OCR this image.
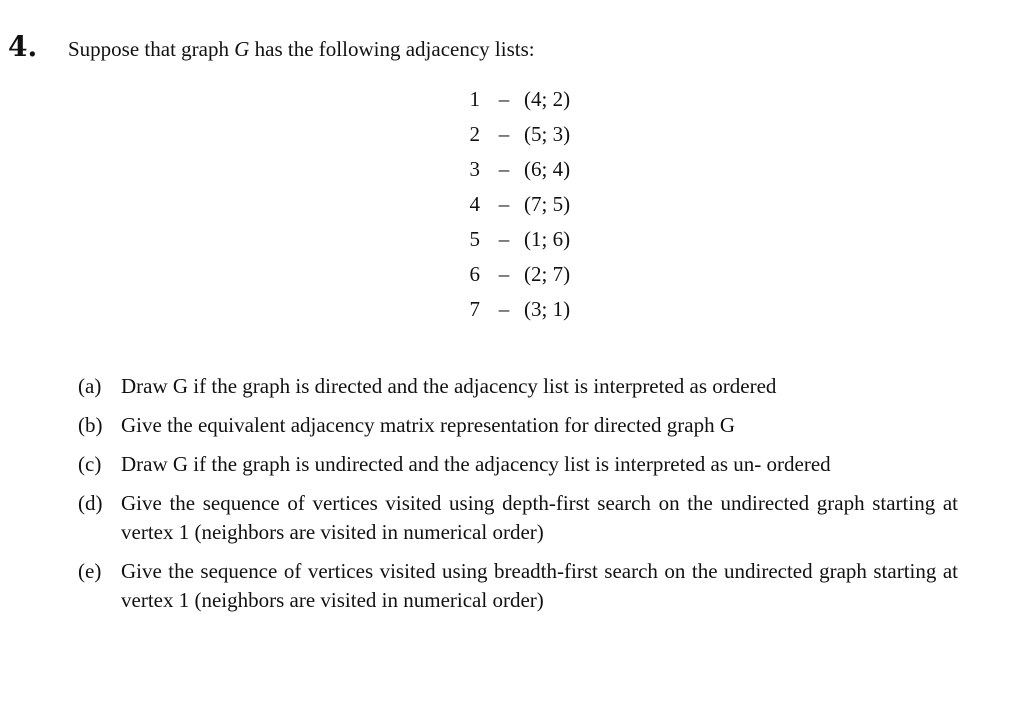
4.	Suppose that graph G has the following adjacency lists:
1 – (4; 2)
2 – (5; 3)
3 – (6; 4)
4 – (7; 5)
5 – (1; 6)
6 – (2; 7)
7 – (3; 1)
(a) Draw G if the graph is directed and the adjacency list is interpreted as ordered
(b) Give the equivalent adjacency matrix representation for directed graph G
(c) Draw G if the graph is undirected and the adjacency list is interpreted as un- ordered
(d) Give the sequence of vertices visited using depth-first search on the undirected graph starting at vertex 1 (neighbors are visited in numerical order)
(e) Give the sequence of vertices visited using breadth-first search on the undirected graph starting at vertex 1 (neighbors are visited in numerical order)
